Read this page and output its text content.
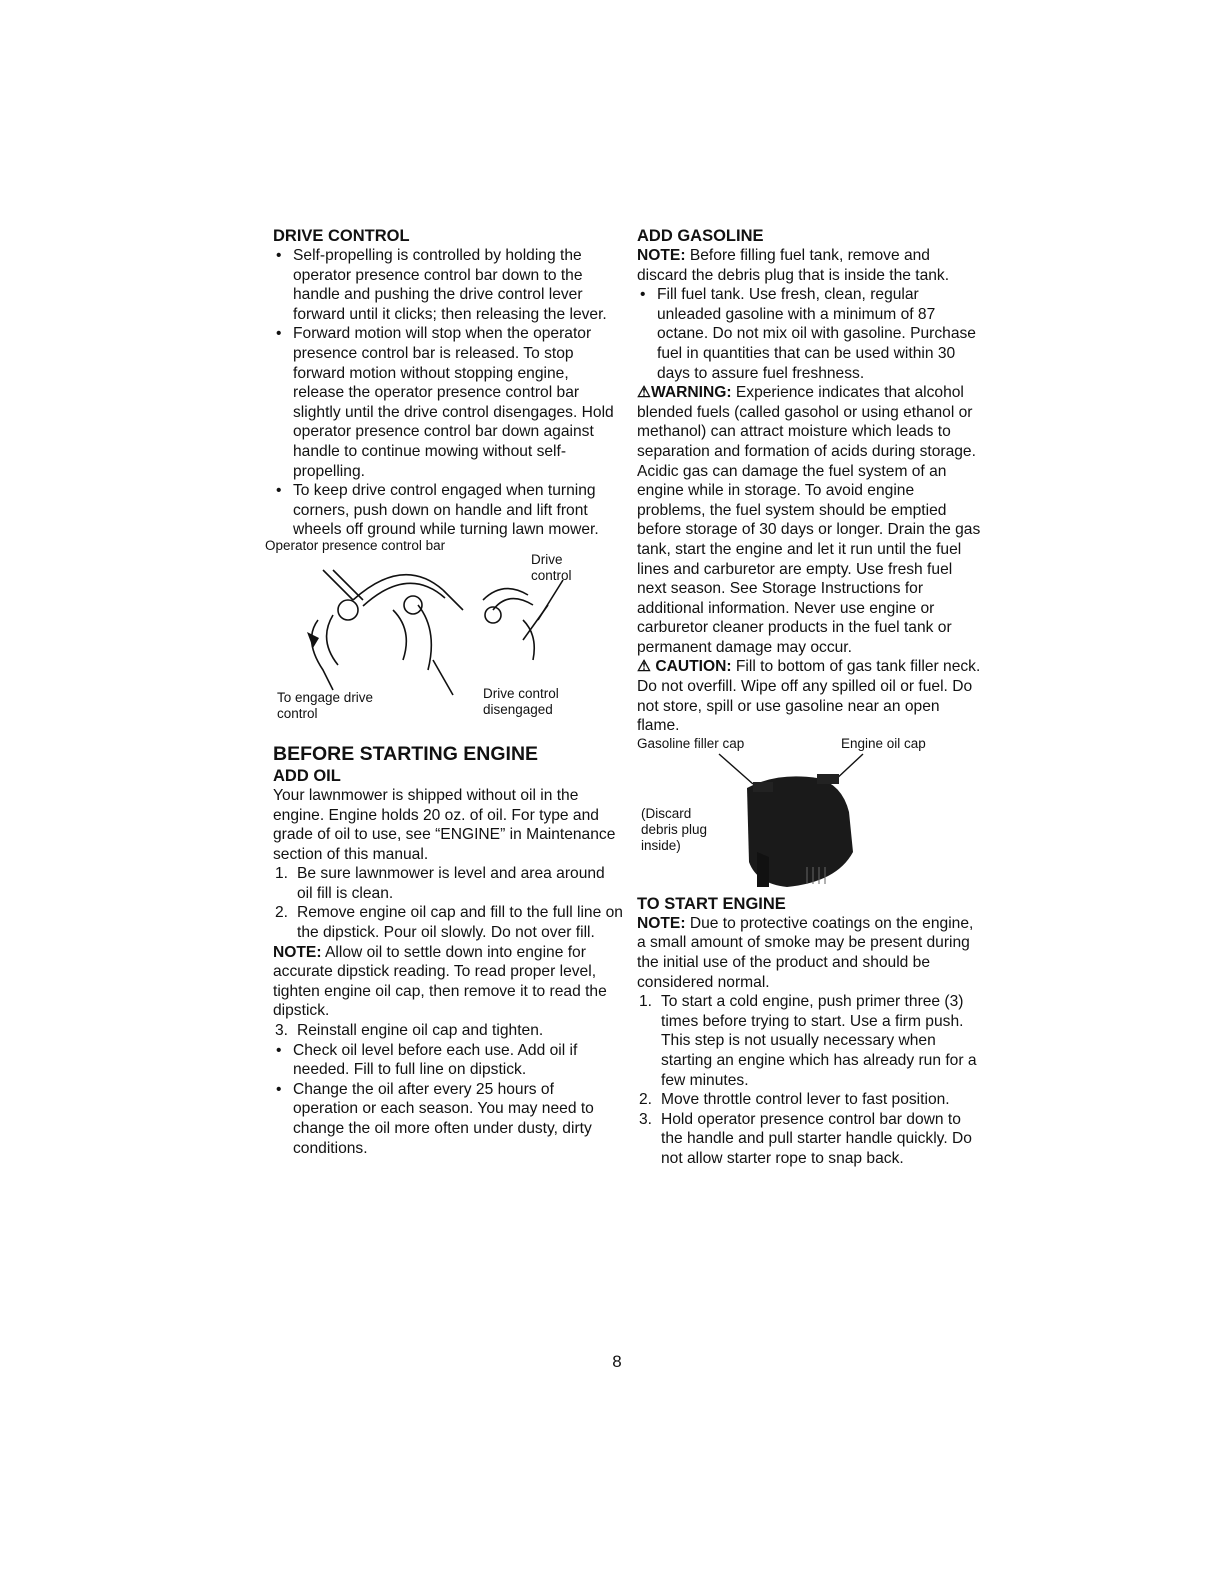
DRIVE CONTROL
• Self-propelling is controlled by holding the operator presence control bar down to the handle and pushing the drive control lever forward until it clicks; then releasing the lever.
• Forward motion will stop when the operator presence control bar is released. To stop forward motion without stopping engine, release the operator presence control bar slightly until the drive control disengages. Hold operator presence control bar down against handle to continue mowing without self-propelling.
• To keep drive control engaged when turning corners, push down on handle and lift front wheels off ground while turning lawn mower.
Operator presence control bar
Drive control
To engage drive control
Drive control disengaged
BEFORE STARTING ENGINE
ADD OIL

Your lawnmower is shipped without oil in the engine. Engine holds 20 oz. of oil. For type and grade of oil to use, see “ENGINE” in Maintenance section of this manual.

1. Be sure lawnmower is level and area around oil fill is clean.
2. Remove engine oil cap and fill to the full line on the dipstick. Pour oil slowly. Do not over fill.

NOTE: Allow oil to settle down into engine for accurate dipstick reading. To read proper level, tighten engine oil cap, then remove it to read the dipstick.

3. Reinstall engine oil cap and tighten.
• Check oil level before each use. Add oil if needed. Fill to full line on dipstick.
• Change the oil after every 25 hours of operation or each season. You may need to change the oil more often under dusty, dirty conditions.
ADD GASOLINE

NOTE: Before filling fuel tank, remove and discard the debris plug that is inside the tank.

• Fill fuel tank. Use fresh, clean, regular unleaded gasoline with a minimum of 87 octane. Do not mix oil with gasoline. Purchase fuel in quantities that can be used within 30 days to assure fuel freshness.

⚠WARNING: Experience indicates that alcohol blended fuels (called gasohol or using ethanol or methanol) can attract moisture which leads to separation and formation of acids during storage. Acidic gas can damage the fuel system of an engine while in storage. To avoid engine problems, the fuel system should be emptied before storage of 30 days or longer. Drain the gas tank, start the engine and let it run until the fuel lines and carburetor are empty. Use fresh fuel next season. See Storage Instructions for additional information. Never use engine or carburetor cleaner products in the fuel tank or permanent damage may occur.

⚠ CAUTION: Fill to bottom of gas tank filler neck. Do not overfill. Wipe off any spilled oil or fuel. Do not store, spill or use gasoline near an open flame.

Gasoline filler cap	Engine oil cap
(Discard debris plug inside)
TO START ENGINE

NOTE: Due to protective coatings on the engine, a small amount of smoke may be present during the initial use of the product and should be considered normal.

1. To start a cold engine, push primer three (3) times before trying to start. Use a firm push. This step is not usually necessary when starting an engine which has already run for a few minutes.
2. Move throttle control lever to fast position.
3. Hold operator presence control bar down to the handle and pull starter handle quickly. Do not allow starter rope to snap back.
8
